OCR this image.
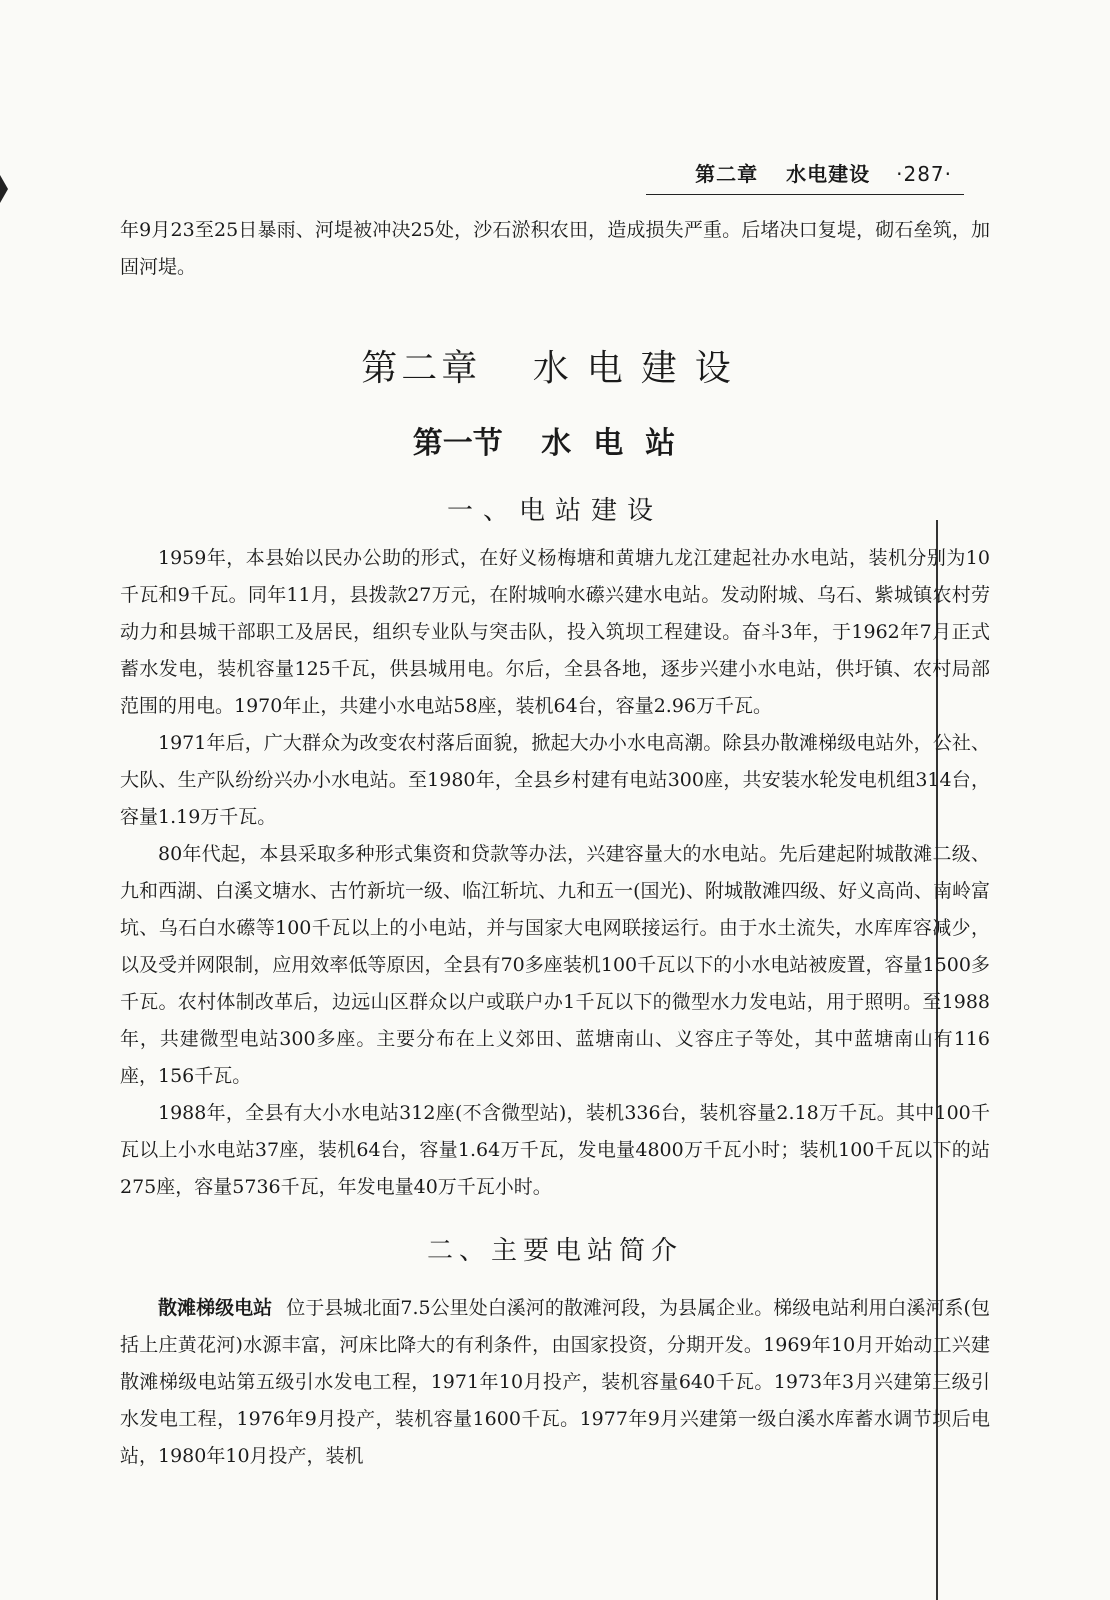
第二章 水电建设 ·287·

年9月23至25日暴雨、河堤被冲决25处，沙石淤积农田，造成损失严重。后堵决口复堤，砌石垒筑，加固河堤。

第二章 水电建设
第一节 水电站
一、电站建设

1959年，本县始以民办公助的形式，在好义杨梅塘和黄塘九龙江建起社办水电站，装机分别为10千瓦和9千瓦。同年11月，县拨款27万元，在附城响水礤兴建水电站。发动附城、乌石、紫城镇农村劳动力和县城干部职工及居民，组织专业队与突击队，投入筑坝工程建设。奋斗3年，于1962年7月正式蓄水发电，装机容量125千瓦，供县城用电。尔后，全县各地，逐步兴建小水电站，供圩镇、农村局部范围的用电。1970年止，共建小水电站58座，装机64台，容量2.96万千瓦。

1971年后，广大群众为改变农村落后面貌，掀起大办小水电高潮。除县办散滩梯级电站外，公社、大队、生产队纷纷兴办小水电站。至1980年，全县乡村建有电站300座，共安装水轮发电机组314台，容量1.19万千瓦。

80年代起，本县采取多种形式集资和贷款等办法，兴建容量大的水电站。先后建起附城散滩二级、九和西湖、白溪文塘水、古竹新坑一级、临江斩坑、九和五一(国光)、附城散滩四级、好义高尚、南岭富坑、乌石白水礤等100千瓦以上的小电站，并与国家大电网联接运行。由于水土流失，水库库容减少，以及受并网限制，应用效率低等原因，全县有70多座装机100千瓦以下的小水电站被废置，容量1500多千瓦。农村体制改革后，边远山区群众以户或联户办1千瓦以下的微型水力发电站，用于照明。至1988年，共建微型电站300多座。主要分布在上义郊田、蓝塘南山、义容庄子等处，其中蓝塘南山有116座，156千瓦。

1988年，全县有大小水电站312座(不含微型站)，装机336台，装机容量2.18万千瓦。其中100千瓦以上小水电站37座，装机64台，容量1.64万千瓦，发电量4800万千瓦小时；装机100千瓦以下的站275座，容量5736千瓦，年发电量40万千瓦小时。

二、主要电站简介

散滩梯级电站 位于县城北面7.5公里处白溪河的散滩河段，为县属企业。梯级电站利用白溪河系(包括上庄黄花河)水源丰富，河床比降大的有利条件，由国家投资，分期开发。1969年10月开始动工兴建散滩梯级电站第五级引水发电工程，1971年10月投产，装机容量640千瓦。1973年3月兴建第三级引水发电工程，1976年9月投产，装机容量1600千瓦。1977年9月兴建第一级白溪水库蓄水调节坝后电站，1980年10月投产，装机
